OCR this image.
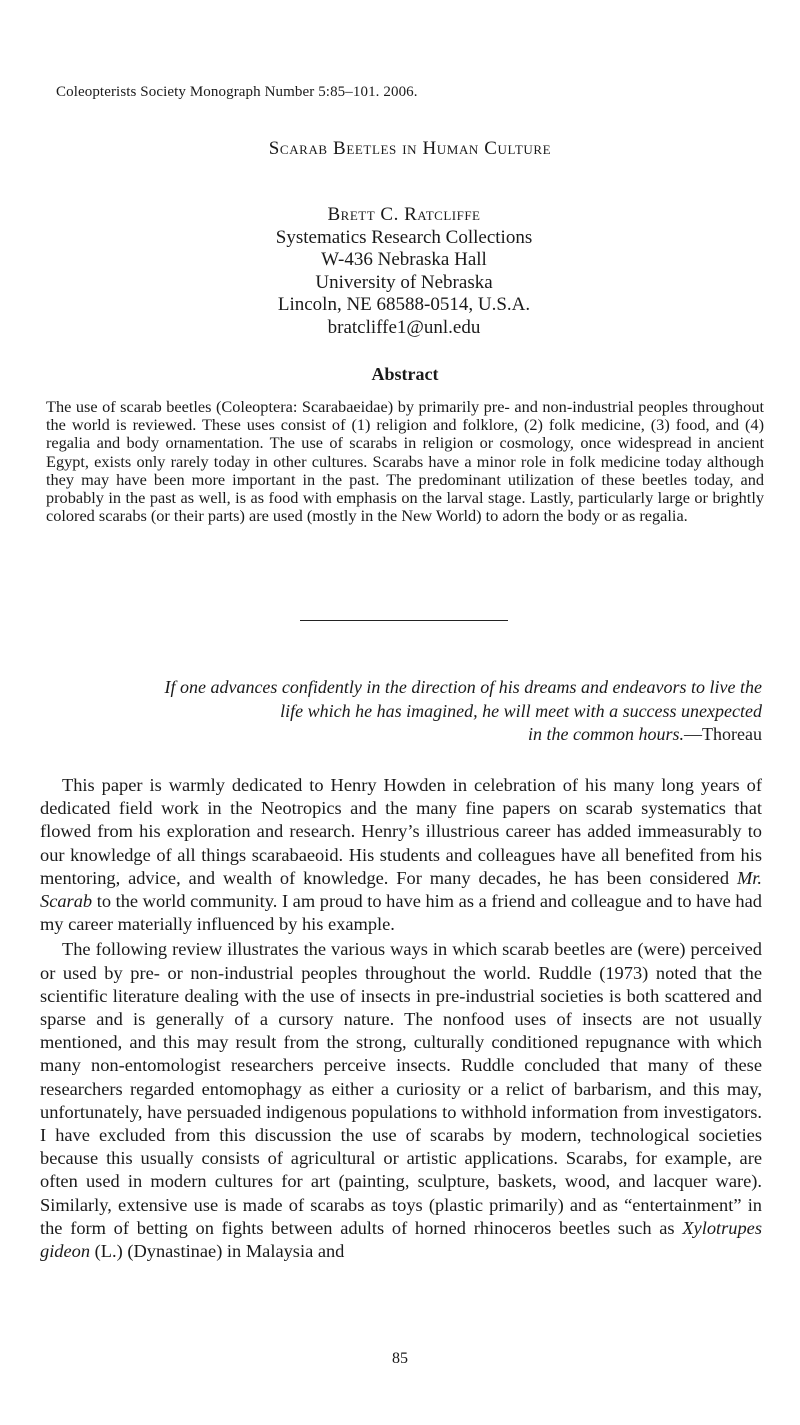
Coleopterists Society Monograph Number 5:85–101. 2006.
Scarab Beetles in Human Culture
Brett C. Ratcliffe
Systematics Research Collections
W-436 Nebraska Hall
University of Nebraska
Lincoln, NE 68588-0514, U.S.A.
bratcliffe1@unl.edu
Abstract
The use of scarab beetles (Coleoptera: Scarabaeidae) by primarily pre- and non-industrial peoples throughout the world is reviewed. These uses consist of (1) religion and folklore, (2) folk medicine, (3) food, and (4) regalia and body ornamentation. The use of scarabs in religion or cosmology, once widespread in ancient Egypt, exists only rarely today in other cultures. Scarabs have a minor role in folk medicine today although they may have been more important in the past. The predominant utilization of these beetles today, and probably in the past as well, is as food with emphasis on the larval stage. Lastly, particularly large or brightly colored scarabs (or their parts) are used (mostly in the New World) to adorn the body or as regalia.
If one advances confidently in the direction of his dreams and endeavors to live the
life which he has imagined, he will meet with a success unexpected
in the common hours.—Thoreau

This paper is warmly dedicated to Henry Howden in celebration of his many long years of dedicated field work in the Neotropics and the many fine papers on scarab systematics that flowed from his exploration and research. Henry’s illustrious career has added immeasurably to our knowledge of all things scarabaeoid. His students and colleagues have all benefited from his mentoring, advice, and wealth of knowledge. For many decades, he has been considered Mr. Scarab to the world community. I am proud to have him as a friend and colleague and to have had my career materially influenced by his example.

The following review illustrates the various ways in which scarab beetles are (were) perceived or used by pre- or non-industrial peoples throughout the world. Ruddle (1973) noted that the scientific literature dealing with the use of insects in pre-industrial societies is both scattered and sparse and is generally of a cursory nature. The nonfood uses of insects are not usually mentioned, and this may result from the strong, culturally conditioned repugnance with which many non-entomologist researchers perceive insects. Ruddle concluded that many of these researchers regarded entomophagy as either a curiosity or a relict of barbarism, and this may, unfortunately, have persuaded indigenous populations to withhold information from investigators. I have excluded from this discussion the use of scarabs by modern, technological societies because this usually consists of agricultural or artistic applications. Scarabs, for example, are often used in modern cultures for art (painting, sculpture, baskets, wood, and lacquer ware). Similarly, extensive use is made of scarabs as toys (plastic primarily) and as “entertainment” in the form of betting on fights between adults of horned rhinoceros beetles such as Xylotrupes gideon (L.) (Dynastinae) in Malaysia and

85
